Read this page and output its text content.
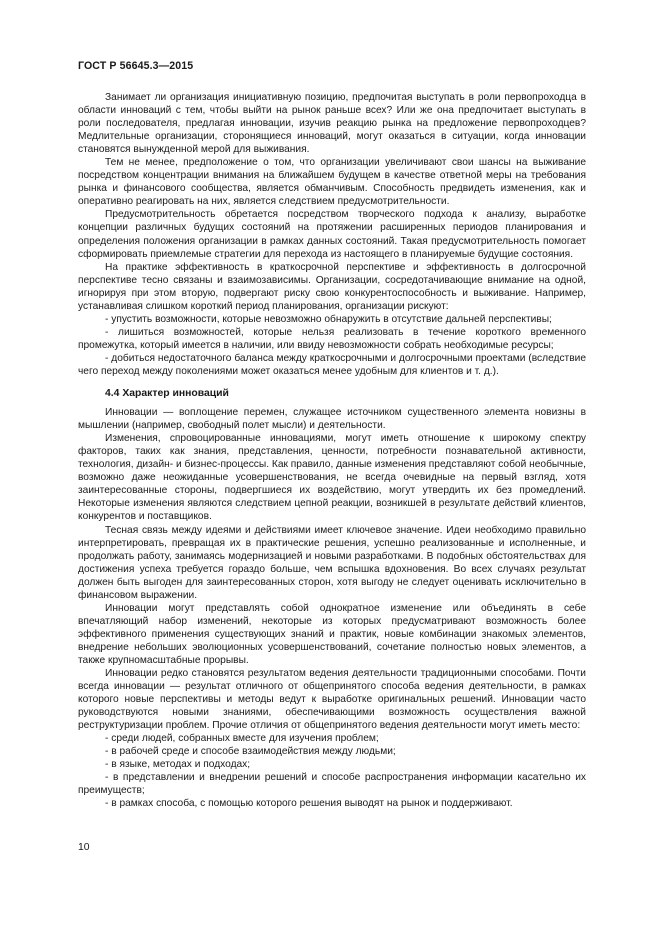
ГОСТ Р 56645.3—2015

Занимает ли организация инициативную позицию, предпочитая выступать в роли первопроходца в области инноваций с тем, чтобы выйти на рынок раньше всех? Или же она предпочитает выступать в роли последователя, предлагая инновации, изучив реакцию рынка на предложение первопроходцев? Медлительные организации, сторонящиеся инноваций, могут оказаться в ситуации, когда инновации становятся вынужденной мерой для выживания.

Тем не менее, предположение о том, что организации увеличивают свои шансы на выживание посредством концентрации внимания на ближайшем будущем в качестве ответной меры на требования рынка и финансового сообщества, является обманчивым. Способность предвидеть изменения, как и оперативно реагировать на них, является следствием предусмотрительности.

Предусмотрительность обретается посредством творческого подхода к анализу, выработке концепции различных будущих состояний на протяжении расширенных периодов планирования и определения положения организации в рамках данных состояний. Такая предусмотрительность помогает сформировать приемлемые стратегии для перехода из настоящего в планируемые будущие состояния.

На практике эффективность в краткосрочной перспективе и эффективность в долгосрочной перспективе тесно связаны и взаимозависимы. Организации, сосредотачивающие внимание на одной, игнорируя при этом вторую, подвергают риску свою конкурентоспособность и выживание. Например, устанавливая слишком короткий период планирования, организации рискуют:

- упустить возможности, которые невозможно обнаружить в отсутствие дальней перспективы;

- лишиться возможностей, которые нельзя реализовать в течение короткого временного промежутка, который имеется в наличии, или ввиду невозможности собрать необходимые ресурсы;

- добиться недостаточного баланса между краткосрочными и долгосрочными проектами (вследствие чего переход между поколениями может оказаться менее удобным для клиентов и т. д.).

4.4 Характер инноваций

Инновации — воплощение перемен, служащее источником существенного элемента новизны в мышлении (например, свободный полет мысли) и деятельности.

Изменения, спровоцированные инновациями, могут иметь отношение к широкому спектру факторов, таких как знания, представления, ценности, потребности познавательной активности, технология, дизайн- и бизнес-процессы. Как правило, данные изменения представляют собой необычные, возможно даже неожиданные усовершенствования, не всегда очевидные на первый взгляд, хотя заинтересованные стороны, подвергшиеся их воздействию, могут утвердить их без промедлений. Некоторые изменения являются следствием цепной реакции, возникшей в результате действий клиентов, конкурентов и поставщиков.

Тесная связь между идеями и действиями имеет ключевое значение. Идеи необходимо правильно интерпретировать, превращая их в практические решения, успешно реализованные и исполненные, и продолжать работу, занимаясь модернизацией и новыми разработками. В подобных обстоятельствах для достижения успеха требуется гораздо больше, чем вспышка вдохновения. Во всех случаях результат должен быть выгоден для заинтересованных сторон, хотя выгоду не следует оценивать исключительно в финансовом выражении.

Инновации могут представлять собой однократное изменение или объединять в себе впечатляющий набор изменений, некоторые из которых предусматривают возможность более эффективного применения существующих знаний и практик, новые комбинации знакомых элементов, внедрение небольших эволюционных усовершенствований, сочетание полностью новых элементов, а также крупномасштабные прорывы.

Инновации редко становятся результатом ведения деятельности традиционными способами. Почти всегда инновации — результат отличного от общепринятого способа ведения деятельности, в рамках которого новые перспективы и методы ведут к выработке оригинальных решений. Инновации часто руководствуются новыми знаниями, обеспечивающими возможность осуществления важной реструктуризации проблем. Прочие отличия от общепринятого ведения деятельности могут иметь место:

- среди людей, собранных вместе для изучения проблем;

- в рабочей среде и способе взаимодействия между людьми;

- в языке, методах и подходах;

- в представлении и внедрении решений и способе распространения информации касательно их преимуществ;

- в рамках способа, с помощью которого решения выводят на рынок и поддерживают.

10
